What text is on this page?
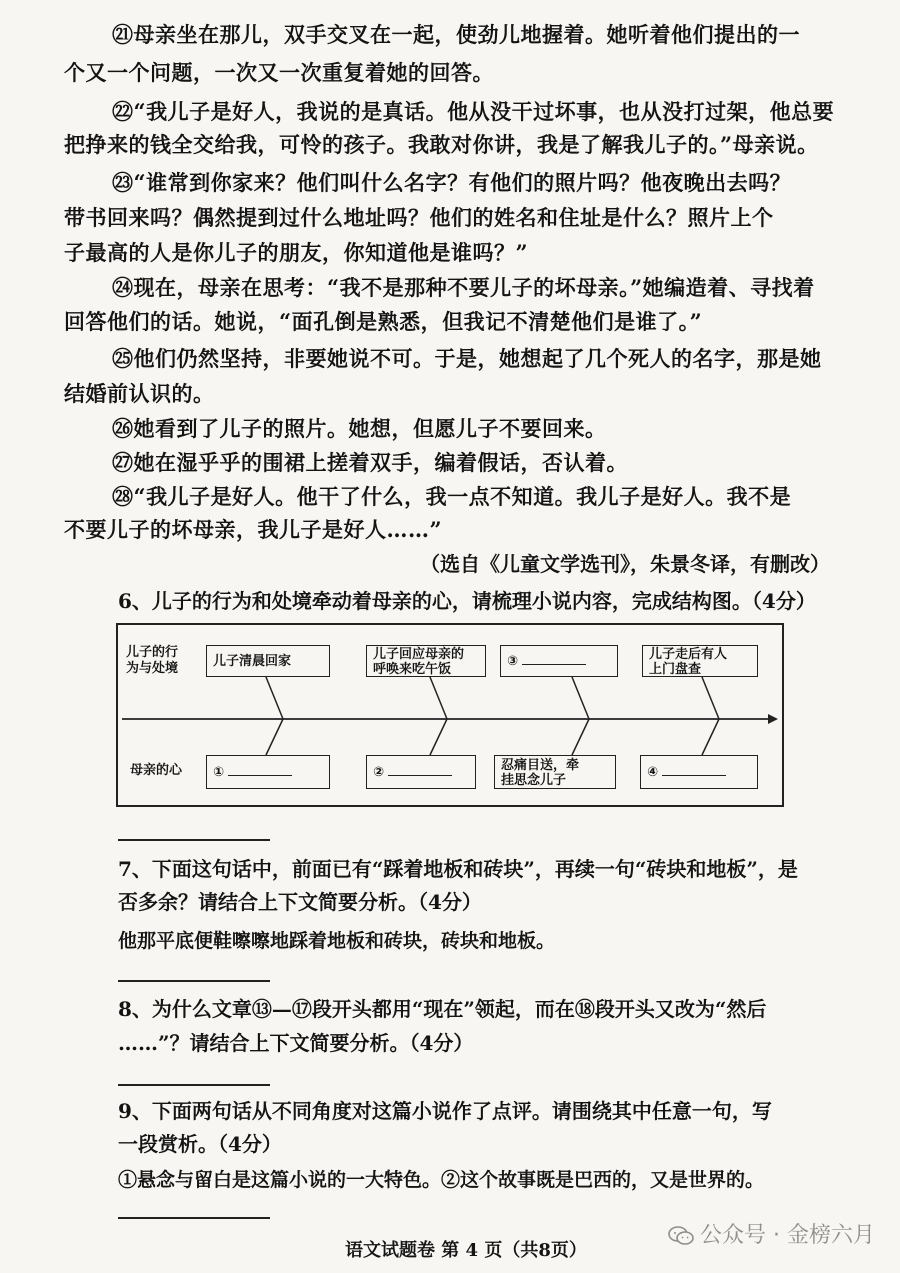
㉑母亲坐在那儿，双手交叉在一起，使劲儿地握着。她听着他们提出的一
个又一个问题，一次又一次重复着她的回答。
㉒“我儿子是好人，我说的是真话。他从没干过坏事，也从没打过架，他总要
把挣来的钱全交给我，可怜的孩子。我敢对你讲，我是了解我儿子的。”母亲说。
㉓“谁常到你家来？他们叫什么名字？有他们的照片吗？他夜晚出去吗？
带书回来吗？偶然提到过什么地址吗？他们的姓名和住址是什么？照片上个
子最高的人是你儿子的朋友，你知道他是谁吗？”
㉔现在，母亲在思考：“我不是那种不要儿子的坏母亲。”她编造着、寻找着
回答他们的话。她说，“面孔倒是熟悉，但我记不清楚他们是谁了。”
㉕他们仍然坚持，非要她说不可。于是，她想起了几个死人的名字，那是她
结婚前认识的。
㉖她看到了儿子的照片。她想，但愿儿子不要回来。
㉗她在湿乎乎的围裙上搓着双手，编着假话，否认着。
㉘“我儿子是好人。他干了什么，我一点不知道。我儿子是好人。我不是
不要儿子的坏母亲，我儿子是好人……”
（选自《儿童文学选刊》，朱景冬译，有删改）
6、儿子的行为和处境牵动着母亲的心，请梳理小说内容，完成结构图。（4分）
儿子的行
为与处境
母亲的心
儿子清晨回家	儿子回应母亲的
呼唤来吃午饭
③	儿子走后有人
上门盘查
①	②	忍痛目送，牵
挂思念儿子
④
7、下面这句话中，前面已有“踩着地板和砖块”，再续一句“砖块和地板”，是
否多余？请结合上下文简要分析。（4分）
他那平底便鞋嚓嚓地踩着地板和砖块，砖块和地板。
8、为什么文章⑬—⑰段开头都用“现在”领起，而在⑱段开头又改为“然后
……”？请结合上下文简要分析。（4分）
9、下面两句话从不同角度对这篇小说作了点评。请围绕其中任意一句，写
一段赏析。（4分）
①悬念与留白是这篇小说的一大特色。②这个故事既是巴西的，又是世界的。
语文试题卷 第 4 页（共8页）
公众号 · 金榜六月
